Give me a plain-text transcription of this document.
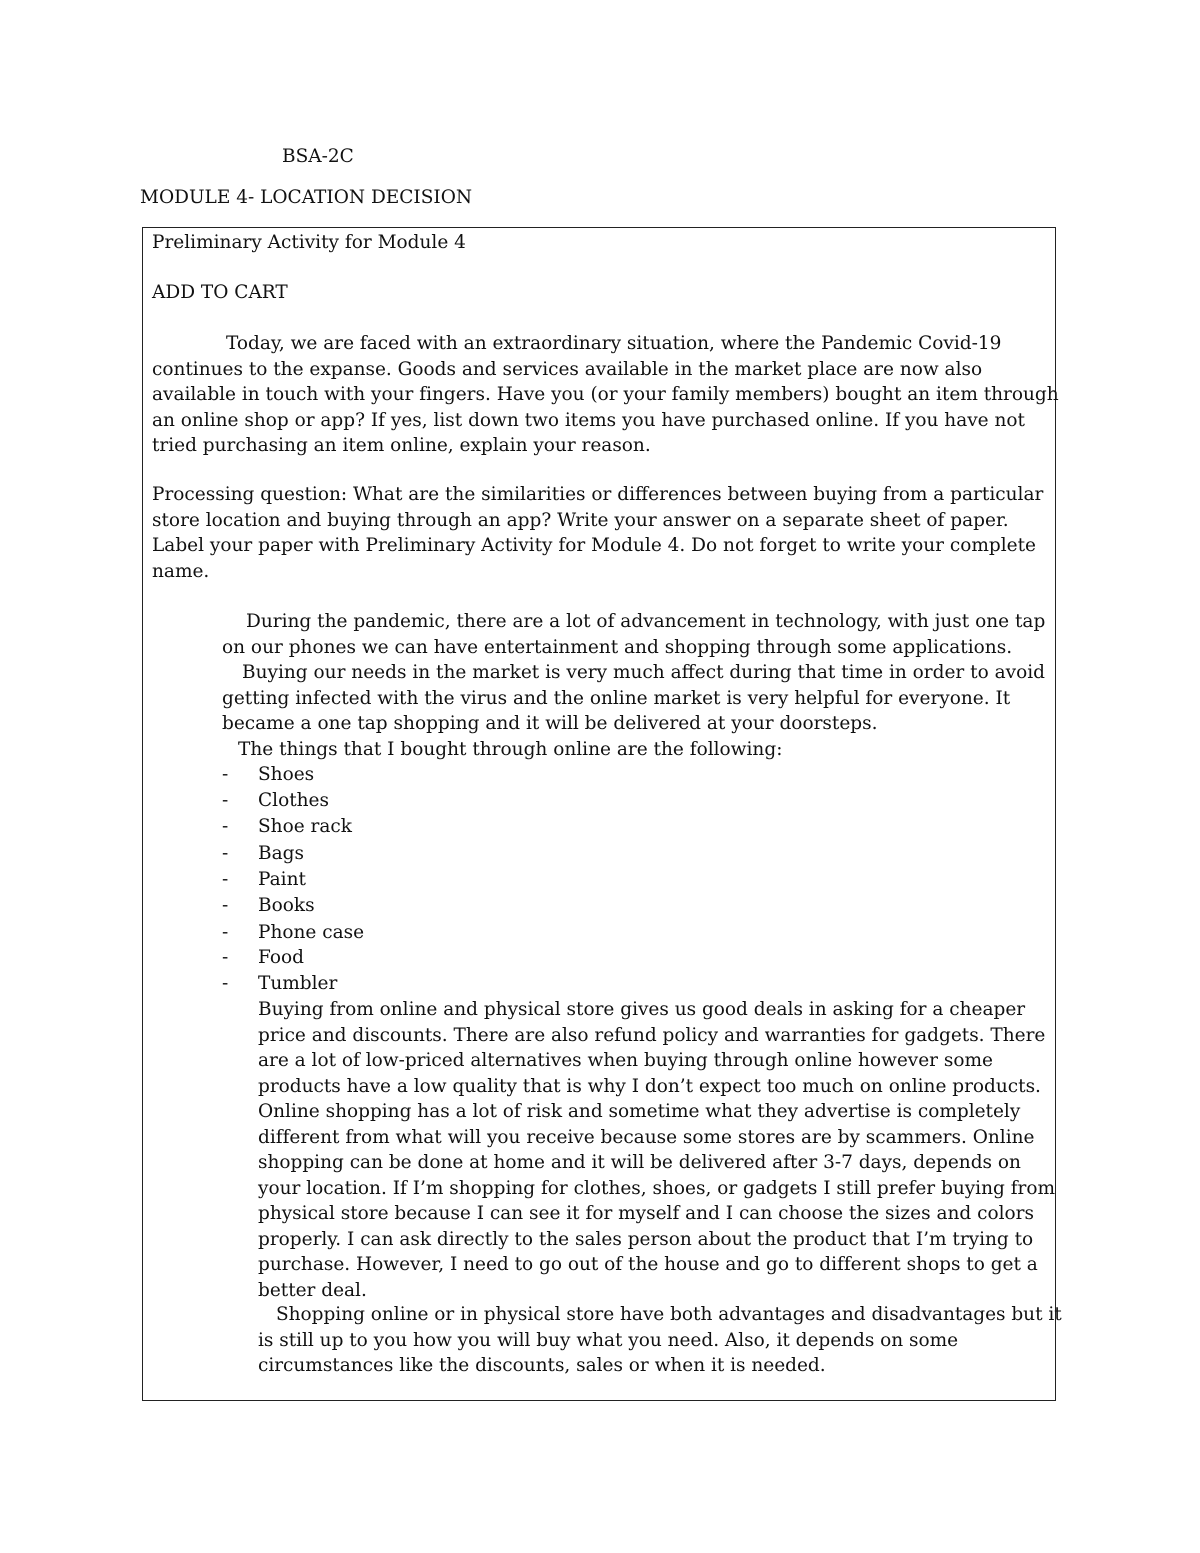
BSA-2C
MODULE 4- LOCATION DECISION
Preliminary Activity for Module 4
ADD TO CART
Today, we are faced with an extraordinary situation, where the Pandemic Covid-19
continues to the expanse. Goods and services available in the market place are now also
available in touch with your fingers. Have you (or your family members) bought an item through
an online shop or app? If yes, list down two items you have purchased online. If you have not
tried purchasing an item online, explain your reason.
Processing question: What are the similarities or differences between buying from a particular
store location and buying through an app? Write your answer on a separate sheet of paper.
Label your paper with Preliminary Activity for Module 4. Do not forget to write your complete
name.
During the pandemic, there are a lot of advancement in technology, with just one tap
on our phones we can have entertainment and shopping through some applications.
Buying our needs in the market is very much affect during that time in order to avoid
getting infected with the virus and the online market is very helpful for everyone. It
became a one tap shopping and it will be delivered at your doorsteps.
The things that I bought through online are the following:
- Shoes
- Clothes
- Shoe rack
- Bags
- Paint
- Books
- Phone case
- Food
- Tumbler
Buying from online and physical store gives us good deals in asking for a cheaper
price and discounts. There are also refund policy and warranties for gadgets. There
are a lot of low-priced alternatives when buying through online however some
products have a low quality that is why I don’t expect too much on online products.
Online shopping has a lot of risk and sometime what they advertise is completely
different from what will you receive because some stores are by scammers. Online
shopping can be done at home and it will be delivered after 3-7 days, depends on
your location. If I’m shopping for clothes, shoes, or gadgets I still prefer buying from
physical store because I can see it for myself and I can choose the sizes and colors
properly. I can ask directly to the sales person about the product that I’m trying to
purchase. However, I need to go out of the house and go to different shops to get a
better deal.
Shopping online or in physical store have both advantages and disadvantages but it
is still up to you how you will buy what you need. Also, it depends on some
circumstances like the discounts, sales or when it is needed.
